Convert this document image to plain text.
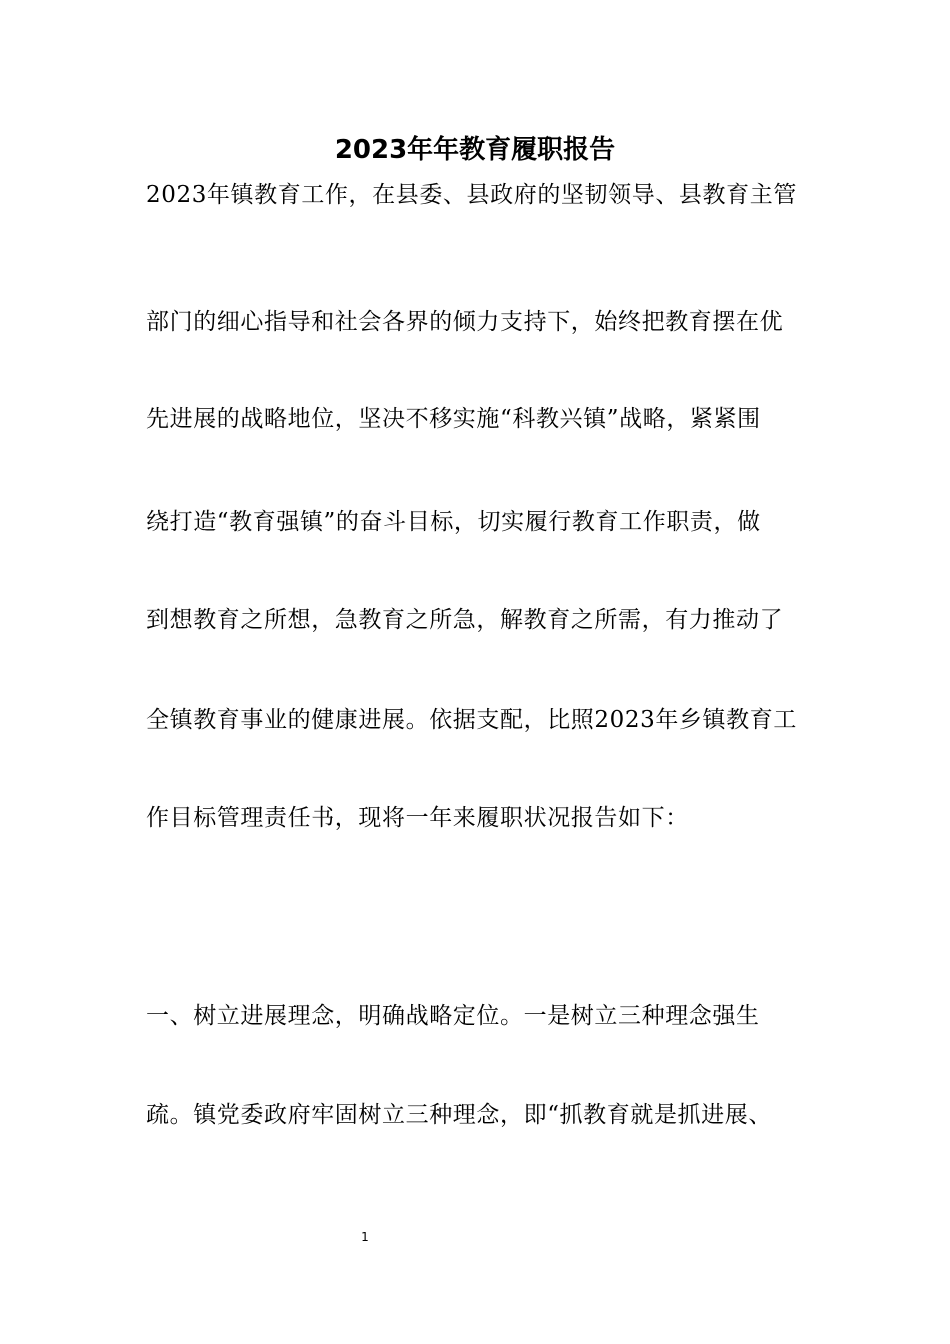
2023年年教育履职报告
2023年镇教育工作，在县委、县政府的坚韧领导、县教育主管
部门的细心指导和社会各界的倾力支持下，始终把教育摆在优
先进展的战略地位，坚决不移实施“科教兴镇”战略，紧紧围
绕打造“教育强镇”的奋斗目标，切实履行教育工作职责，做
到想教育之所想，急教育之所急，解教育之所需，有力推动了
全镇教育事业的健康进展。依据支配，比照2023年乡镇教育工
作目标管理责任书，现将一年来履职状况报告如下：
一、树立进展理念，明确战略定位。一是树立三种理念强生
疏。镇党委政府牢固树立三种理念，即“抓教育就是抓进展、
1
